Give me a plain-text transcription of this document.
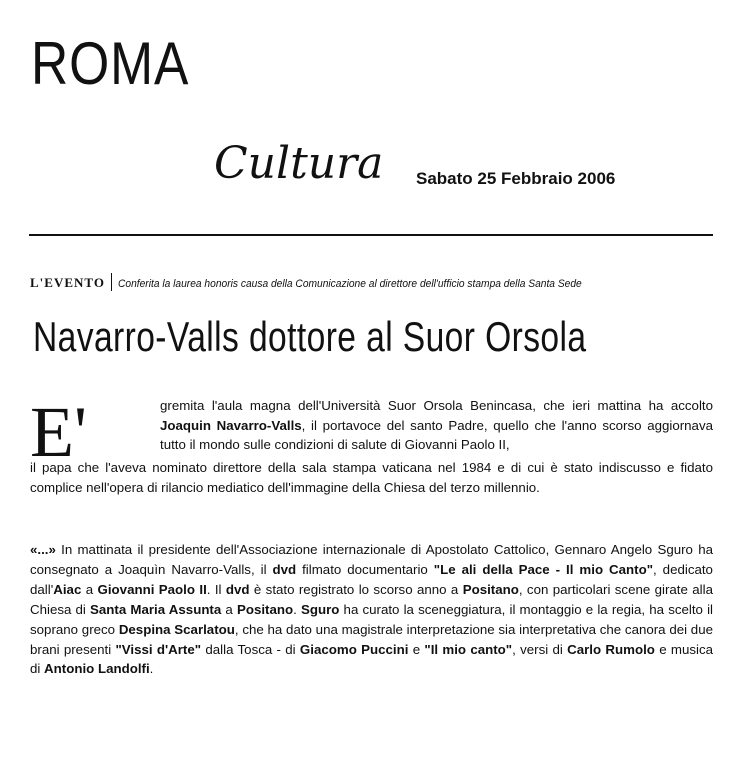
ROMA
Cultura Sabato 25 Febbraio 2006
L'EVENTO Conferita la laurea honoris causa della Comunicazione al direttore dell'ufficio stampa della Santa Sede
Navarro-Valls dottore al Suor Orsola
E'	gremita l'aula magna dell'Università Suor Orsola Benincasa, che ieri mattina ha accolto Joaquin Navarro-Valls, il portavoce del santo Padre, quello che l'anno scorso aggiornava tutto il mondo sulle condizioni di salute di Giovanni Paolo II,

il papa che l'aveva nominato direttore della sala stampa vaticana nel 1984 e di cui è stato indiscusso e fidato complice nell'opera di rilancio mediatico dell'immagine della Chiesa del terzo millennio.

«...» In mattinata il presidente dell'Associazione internazionale di Apostolato Cattolico, Gennaro Angelo Sguro ha consegnato a Joaquìn Navarro-Valls, il dvd filmato documentario "Le ali della Pace - Il mio Canto", dedicato dall'Aiac a Giovanni Paolo II. Il dvd è stato registrato lo scorso anno a Positano, con particolari scene girate alla Chiesa di Santa Maria Assunta a Positano. Sguro ha curato la sceneggiatura, il montaggio e la regia, ha scelto il soprano greco Despina Scarlatou, che ha dato una magistrale interpretazione sia interpretativa che canora dei due brani presenti "Vissi d'Arte" dalla Tosca - di Giacomo Puccini e "Il mio canto", versi di Carlo Rumolo e musica di Antonio Landolfi.
